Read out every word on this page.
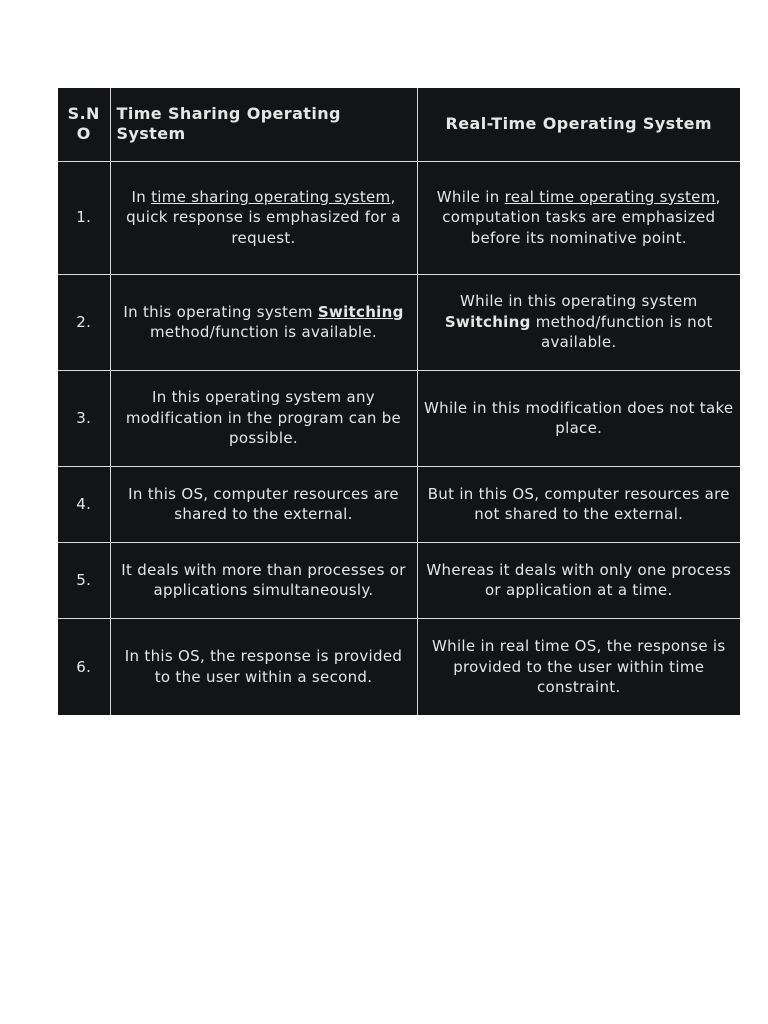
S.NO	Time Sharing Operating System	Real-Time Operating System
1.	In time sharing operating system, quick response is emphasized for a request.	While in real time operating system, computation tasks are emphasized before its nominative point.
2.	In this operating system Switching method/function is available.	While in this operating system Switching method/function is not available.
3.	In this operating system any modification in the program can be possible.	While in this modification does not take place.
4.	In this OS, computer resources are shared to the external.	But in this OS, computer resources are not shared to the external.
5.	It deals with more than processes or applications simultaneously.	Whereas it deals with only one process or application at a time.
6.	In this OS, the response is provided to the user within a second.	While in real time OS, the response is provided to the user within time constraint.
